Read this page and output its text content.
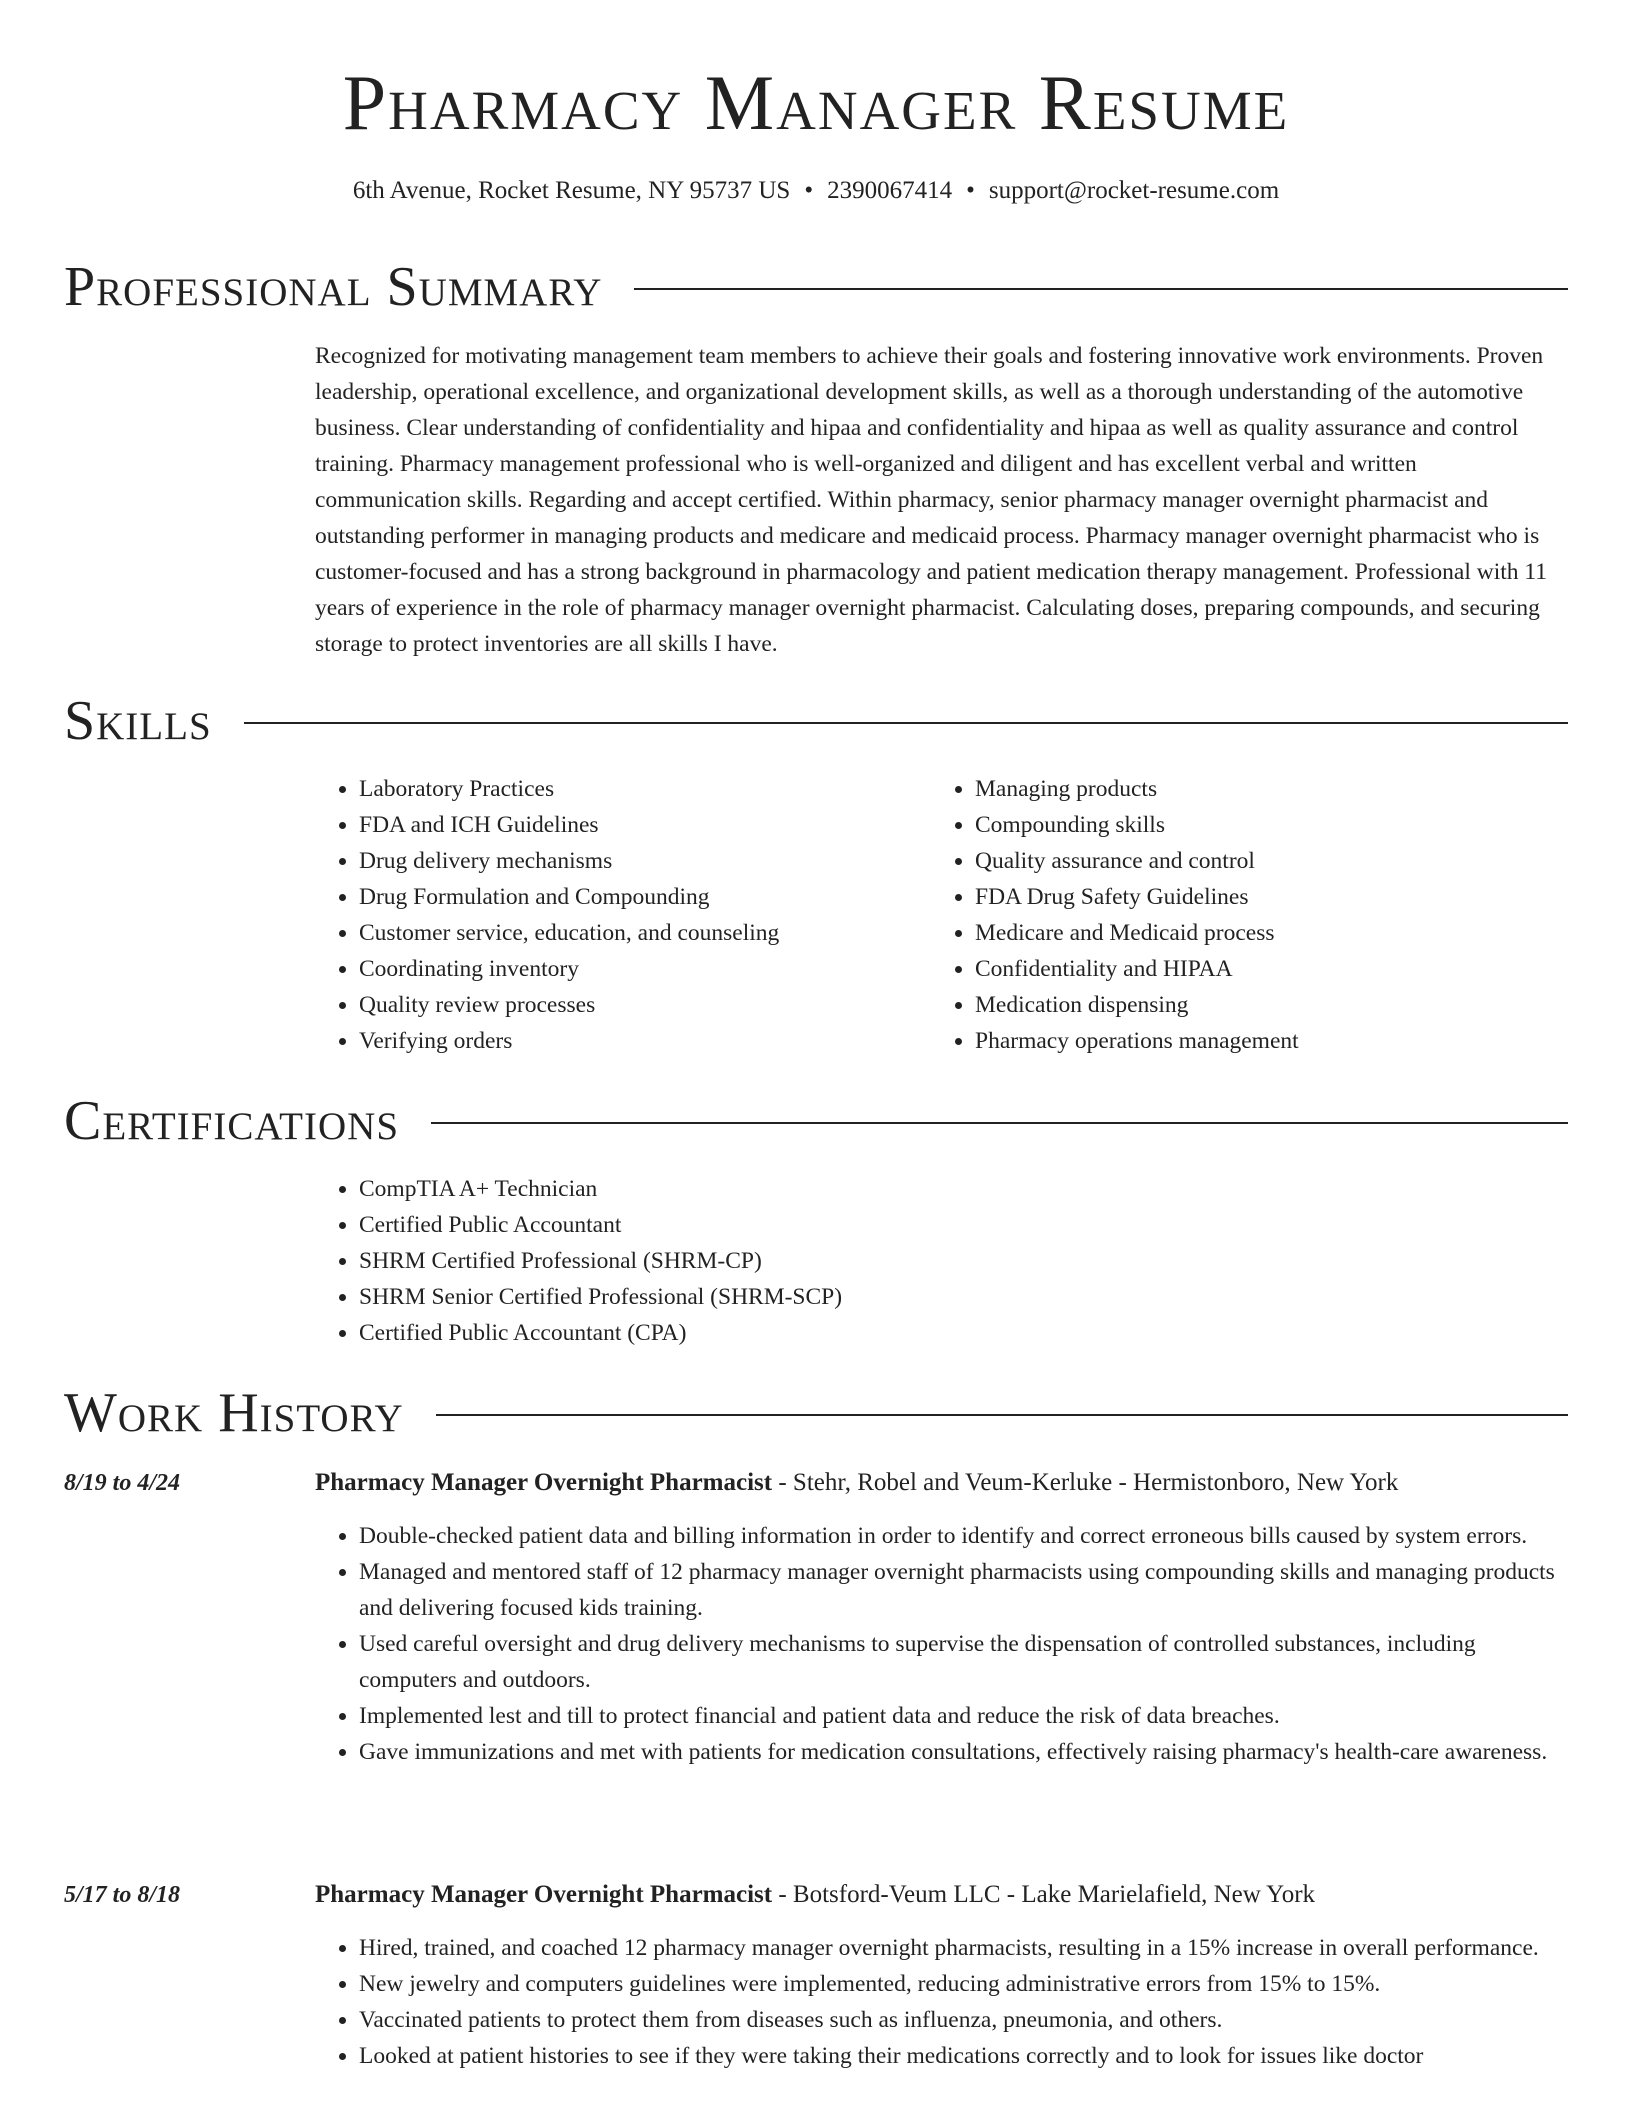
Pharmacy Manager Resume
6th Avenue, Rocket Resume, NY 95737 US • 2390067414 • support@rocket-resume.com
Professional Summary

Recognized for motivating management team members to achieve their goals and fostering innovative work environments. Proven leadership, operational excellence, and organizational development skills, as well as a thorough understanding of the automotive business. Clear understanding of confidentiality and hipaa and confidentiality and hipaa as well as quality assurance and control training. Pharmacy management professional who is well-organized and diligent and has excellent verbal and written communication skills. Regarding and accept certified. Within pharmacy, senior pharmacy manager overnight pharmacist and outstanding performer in managing products and medicare and medicaid process. Pharmacy manager overnight pharmacist who is customer-focused and has a strong background in pharmacology and patient medication therapy management. Professional with 11 years of experience in the role of pharmacy manager overnight pharmacist. Calculating doses, preparing compounds, and securing storage to protect inventories are all skills I have.

Skills
• Laboratory Practices
• FDA and ICH Guidelines
• Drug delivery mechanisms
• Drug Formulation and Compounding
• Customer service, education, and counseling
• Coordinating inventory
• Quality review processes
• Verifying orders
• Managing products
• Compounding skills
• Quality assurance and control
• FDA Drug Safety Guidelines
• Medicare and Medicaid process
• Confidentiality and HIPAA
• Medication dispensing
• Pharmacy operations management
Certifications
• CompTIA A+ Technician
• Certified Public Accountant
• SHRM Certified Professional (SHRM-CP)
• SHRM Senior Certified Professional (SHRM-SCP)
• Certified Public Accountant (CPA)
Work History
8/19 to 4/24	Pharmacy Manager Overnight Pharmacist - Stehr, Robel and Veum-Kerluke - Hermistonboro, New York
• Double-checked patient data and billing information in order to identify and correct erroneous bills caused by system errors.
• Managed and mentored staff of 12 pharmacy manager overnight pharmacists using compounding skills and managing products and delivering focused kids training.
• Used careful oversight and drug delivery mechanisms to supervise the dispensation of controlled substances, including computers and outdoors.
• Implemented lest and till to protect financial and patient data and reduce the risk of data breaches.
• Gave immunizations and met with patients for medication consultations, effectively raising pharmacy's health-care awareness.
5/17 to 8/18	Pharmacy Manager Overnight Pharmacist - Botsford-Veum LLC - Lake Marielafield, New York
• Hired, trained, and coached 12 pharmacy manager overnight pharmacists, resulting in a 15% increase in overall performance.
• New jewelry and computers guidelines were implemented, reducing administrative errors from 15% to 15%.
• Vaccinated patients to protect them from diseases such as influenza, pneumonia, and others.
• Looked at patient histories to see if they were taking their medications correctly and to look for issues like doctor
